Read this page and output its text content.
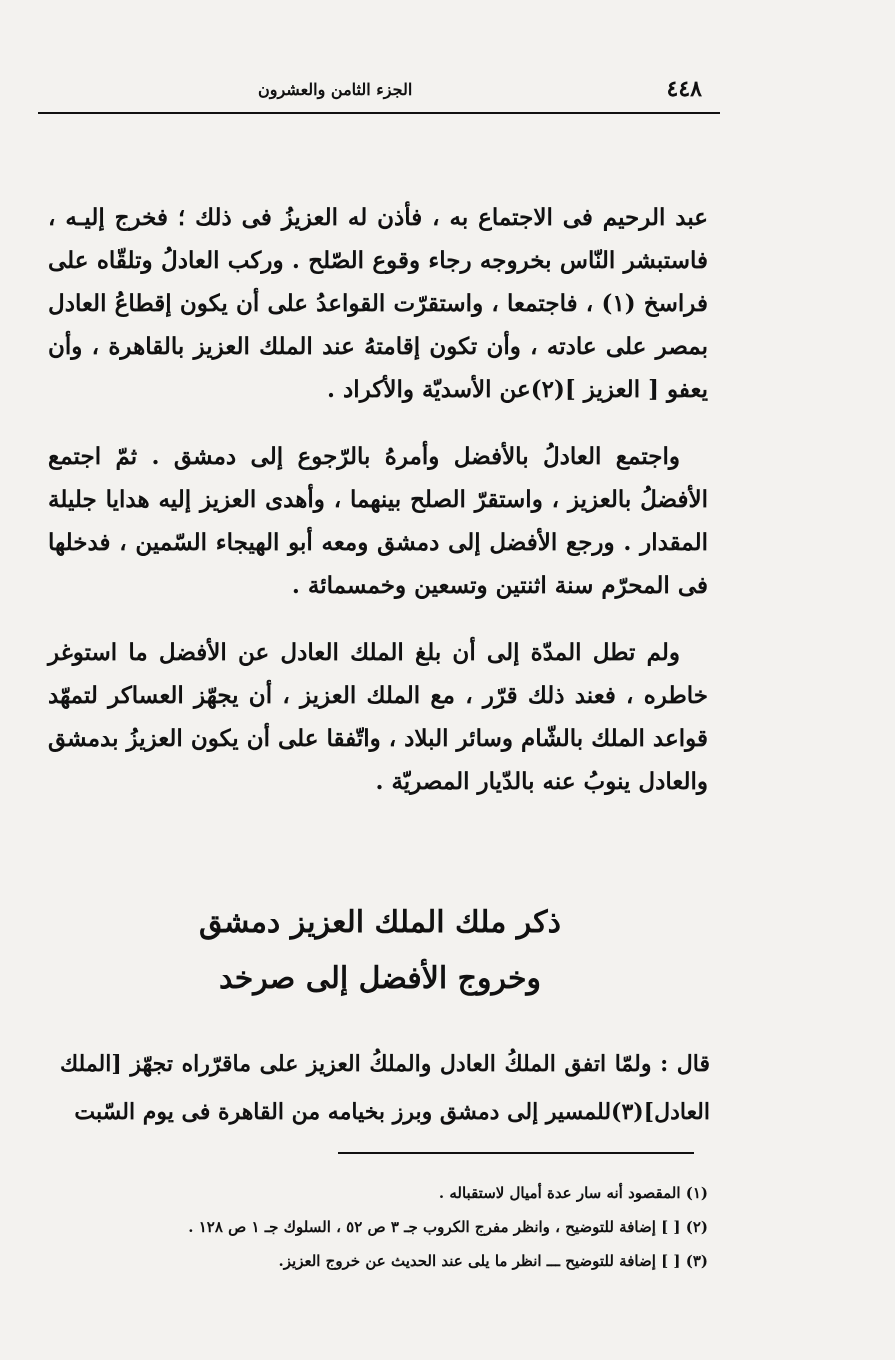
٤٤٨
الجزء الثامن والعشرون

عبد الرحيم فى الاجتماع به ، فأذن له العزيزُ فى ذلك ؛ فخرج إليـه ، فاستبشر النّاس بخروجه رجاء وقوع الصّلح . وركب العادلُ وتلقّاه على فراسخ (١) ، فاجتمعا ، واستقرّت القواعدُ على أن يكون إقطاعُ العادل بمصر على عادته ، وأن تكون إقامتهُ عند الملك العزيز بالقاهرة ، وأن يعفو [ العزيز ](٢)عن الأسديّة والأكراد .

واجتمع العادلُ بالأفضل وأمرهُ بالرّجوع إلى دمشق . ثمّ اجتمع الأفضلُ بالعزيز ، واستقرّ الصلح بينهما ، وأهدى العزيز إليه هدايا جليلة المقدار . ورجع الأفضل إلى دمشق ومعه أبو الهيجاء السّمين ، فدخلها فى المحرّم سنة اثنتين وتسعين وخمسمائة .

ولم تطل المدّة إلى أن بلغ الملك العادل عن الأفضل ما استوغر خاطره ، فعند ذلك قرّر ، مع الملك العزيز ، أن يجهّز العساكر لتمهّد قواعد الملك بالشّام وسائر البلاد ، واتّفقا على أن يكون العزيزُ بدمشق والعادل ينوبُ عنه بالدّيار المصريّة .

ذكر ملك الملك العزيز دمشق
وخروج الأفضل إلى صرخد
قال : ولمّا اتفق الملكُ العادل والملكُ العزيز على ماقرّراه تجهّز [الملك العادل](٣)للمسير إلى دمشق وبرز بخيامه من القاهرة فى يوم السّبت
(١) المقصود أنه سار عدة أميال لاستقباله .
(٢) [ ] إضافة للتوضيح ، وانظر مفرج الكروب جـ ٣ ص ٥٢ ، السلوك جـ ١ ص ١٢٨ .
(٣) [ ] إضافة للتوضيح ـــ انظر ما يلى عند الحديث عن خروج العزيز.
